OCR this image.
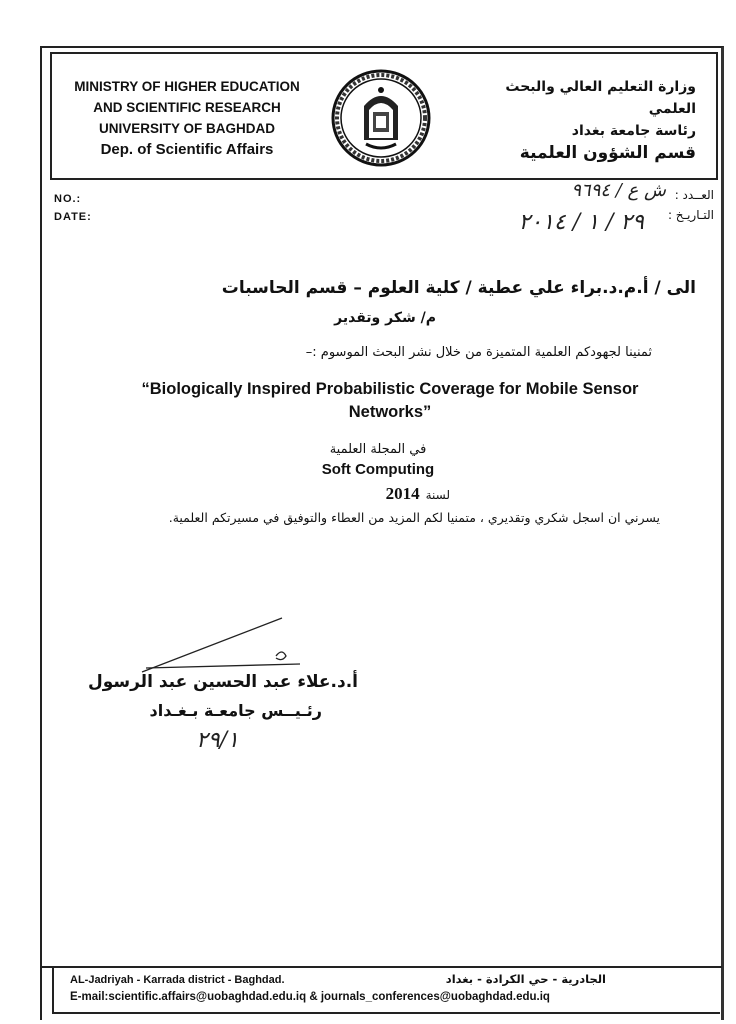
MINISTRY OF HIGHER EDUCATION
AND SCIENTIFIC RESEARCH
UNIVERSITY OF BAGHDAD
Dep. of Scientific Affairs
وزارة التعليم العالي والبحث العلمي
رئاسة جامعة بغداد
قسم الشؤون العلمية
NO.:
DATE:
العــدد :
التـاريـخ :
ش ع / ٩٦٩٤
٢٩ / ١ / ٢٠١٤
الى / أ.م.د.براء علي عطية / كلية العلوم – قسم الحاسبات
م/ شكر وتقدير
ثمنينا لجهودكم العلمية المتميزة من خلال نشر البحث الموسوم :–
“Biologically Inspired Probabilistic Coverage for Mobile Sensor
Networks”
في المجلة العلمية
Soft Computing
لسنة
2014
يسرني ان اسجل شكري وتقديري ، متمنيا لكم المزيد من العطاء والتوفيق في مسيرتكم العلمية.
أ.د.علاء عبد الحسين عبد الرسول
رئـيــس جامعـة بـغـداد
٢٩/١
AL-Jadriyah - Karrada district - Baghdad.	الجادرية - حي الكرادة - بغداد
E-mail:scientific.affairs@uobaghdad.edu.iq & journals_conferences@uobaghdad.edu.iq
